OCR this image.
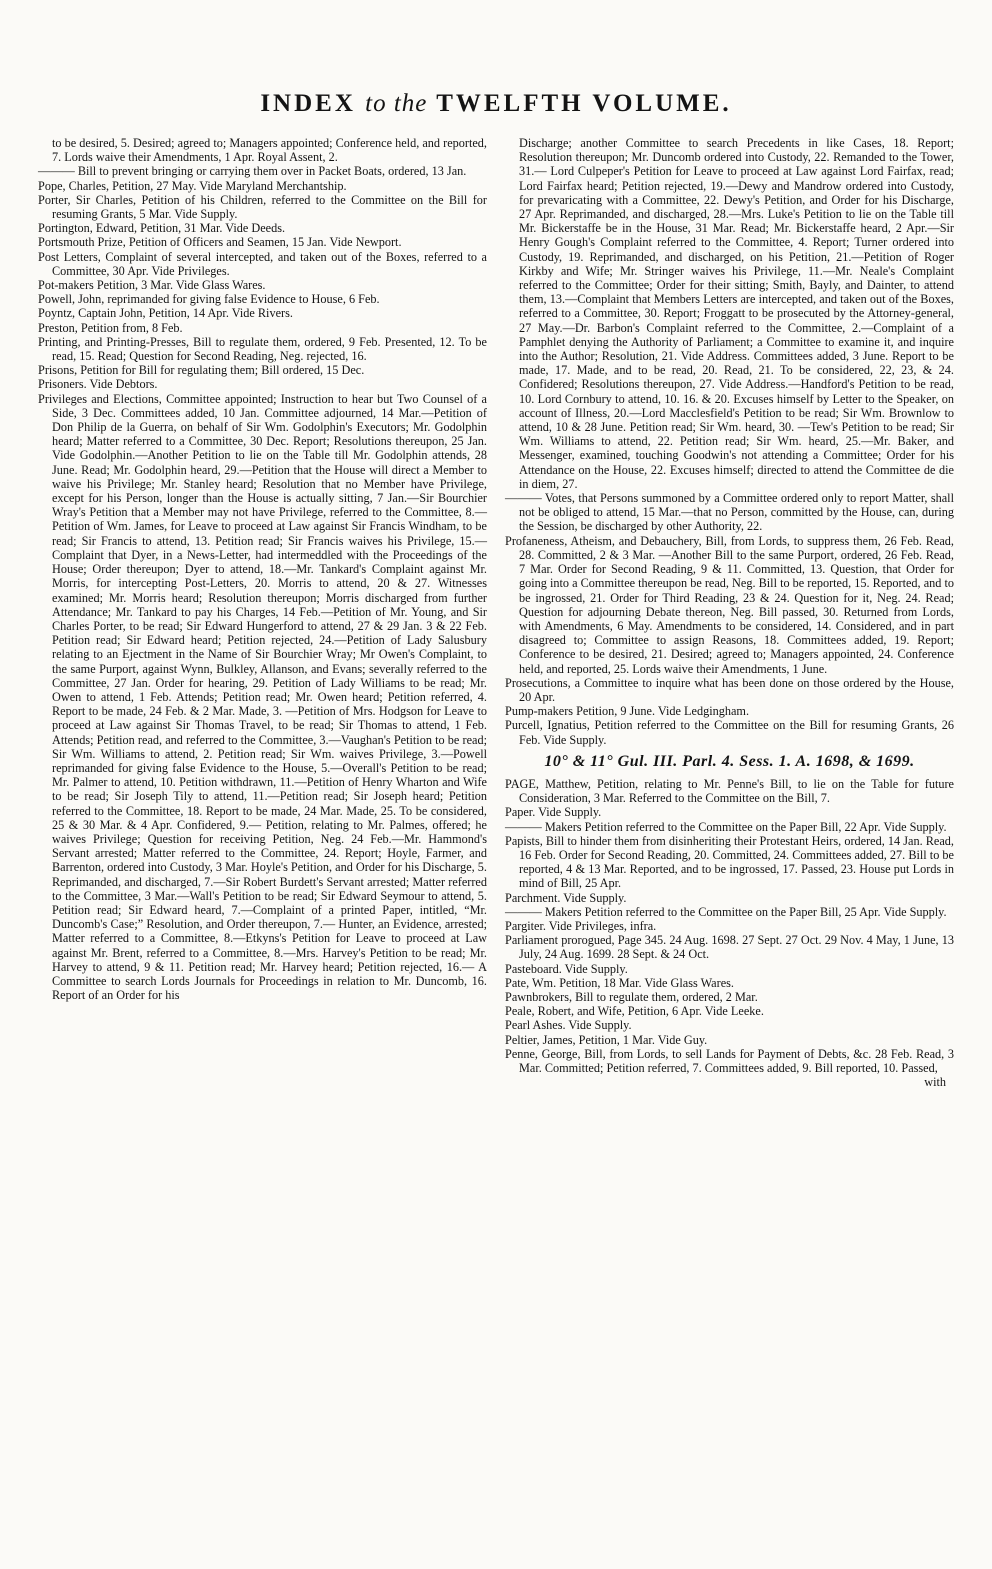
INDEX to the TWELFTH VOLUME.

to be desired, 5. Desired; agreed to; Managers appointed; Conference held, and reported, 7. Lords waive their Amendments, 1 Apr. Royal Assent, 2.

——— Bill to prevent bringing or carrying them over in Packet Boats, ordered, 13 Jan.

Pope, Charles, Petition, 27 May. Vide Maryland Merchantship.

Porter, Sir Charles, Petition of his Children, referred to the Committee on the Bill for resuming Grants, 5 Mar. Vide Supply.

Portington, Edward, Petition, 31 Mar. Vide Deeds.

Portsmouth Prize, Petition of Officers and Seamen, 15 Jan. Vide Newport.

Post Letters, Complaint of several intercepted, and taken out of the Boxes, referred to a Committee, 30 Apr. Vide Privileges.

Pot-makers Petition, 3 Mar. Vide Glass Wares.

Powell, John, reprimanded for giving false Evidence to House, 6 Feb.

Poyntz, Captain John, Petition, 14 Apr. Vide Rivers.

Preston, Petition from, 8 Feb.

Printing, and Printing-Presses, Bill to regulate them, ordered, 9 Feb. Presented, 12. To be read, 15. Read; Question for Second Reading, Neg. rejected, 16.

Prisons, Petition for Bill for regulating them; Bill ordered, 15 Dec.

Prisoners. Vide Debtors.

Privileges and Elections, Committee appointed; Instruction to hear but Two Counsel of a Side, 3 Dec. Committees added, 10 Jan. Committee adjourned, 14 Mar.—Petition of Don Philip de la Guerra, on behalf of Sir Wm. Godolphin's Executors; Mr. Godolphin heard; Matter referred to a Committee, 30 Dec. Report; Resolutions thereupon, 25 Jan. Vide Godolphin.—Another Petition to lie on the Table till Mr. Godolphin attends, 28 June. Read; Mr. Godolphin heard, 29.—Petition that the House will direct a Member to waive his Privilege; Mr. Stanley heard; Resolution that no Member have Privilege, except for his Person, longer than the House is actually sitting, 7 Jan.—Sir Bourchier Wray's Petition that a Member may not have Privilege, referred to the Committee, 8.—Petition of Wm. James, for Leave to proceed at Law against Sir Francis Windham, to be read; Sir Francis to attend, 13. Petition read; Sir Francis waives his Privilege, 15.—Complaint that Dyer, in a News-Letter, had intermeddled with the Proceedings of the House; Order thereupon; Dyer to attend, 18.—Mr. Tankard's Complaint against Mr. Morris, for intercepting Post-Letters, 20. Morris to attend, 20 & 27. Witnesses examined; Mr. Morris heard; Resolution thereupon; Morris discharged from further Attendance; Mr. Tankard to pay his Charges, 14 Feb.—Petition of Mr. Young, and Sir Charles Porter, to be read; Sir Edward Hungerford to attend, 27 & 29 Jan. 3 & 22 Feb. Petition read; Sir Edward heard; Petition rejected, 24.—Petition of Lady Salusbury relating to an Ejectment in the Name of Sir Bourchier Wray; Mr Owen's Complaint, to the same Purport, against Wynn, Bulkley, Allanson, and Evans; severally referred to the Committee, 27 Jan. Order for hearing, 29. Petition of Lady Williams to be read; Mr. Owen to attend, 1 Feb. Attends; Petition read; Mr. Owen heard; Petition referred, 4. Report to be made, 24 Feb. & 2 Mar. Made, 3. —Petition of Mrs. Hodgson for Leave to proceed at Law against Sir Thomas Travel, to be read; Sir Thomas to attend, 1 Feb. Attends; Petition read, and referred to the Committee, 3.—Vaughan's Petition to be read; Sir Wm. Williams to attend, 2. Petition read; Sir Wm. waives Privilege, 3.—Powell reprimanded for giving false Evidence to the House, 5.—Overall's Petition to be read; Mr. Palmer to attend, 10. Petition withdrawn, 11.—Petition of Henry Wharton and Wife to be read; Sir Joseph Tily to attend, 11.—Petition read; Sir Joseph heard; Petition referred to the Committee, 18. Report to be made, 24 Mar. Made, 25. To be considered, 25 & 30 Mar. & 4 Apr. Confidered, 9.— Petition, relating to Mr. Palmes, offered; he waives Privilege; Question for receiving Petition, Neg. 24 Feb.—Mr. Hammond's Servant arrested; Matter referred to the Committee, 24. Report; Hoyle, Farmer, and Barrenton, ordered into Custody, 3 Mar. Hoyle's Petition, and Order for his Discharge, 5. Reprimanded, and discharged, 7.—Sir Robert Burdett's Servant arrested; Matter referred to the Committee, 3 Mar.—Wall's Petition to be read; Sir Edward Seymour to attend, 5. Petition read; Sir Edward heard, 7.—Complaint of a printed Paper, intitled, “Mr. Duncomb's Case;” Resolution, and Order thereupon, 7.— Hunter, an Evidence, arrested; Matter referred to a Committee, 8.—Etkyns's Petition for Leave to proceed at Law against Mr. Brent, referred to a Committee, 8.—Mrs. Harvey's Petition to be read; Mr. Harvey to attend, 9 & 11. Petition read; Mr. Harvey heard; Petition rejected, 16.— A Committee to search Lords Journals for Proceedings in relation to Mr. Duncomb, 16. Report of an Order for his

Discharge; another Committee to search Precedents in like Cases, 18. Report; Resolution thereupon; Mr. Duncomb ordered into Custody, 22. Remanded to the Tower, 31.— Lord Culpeper's Petition for Leave to proceed at Law against Lord Fairfax, read; Lord Fairfax heard; Petition rejected, 19.—Dewy and Mandrow ordered into Custody, for prevaricating with a Committee, 22. Dewy's Petition, and Order for his Discharge, 27 Apr. Reprimanded, and discharged, 28.—Mrs. Luke's Petition to lie on the Table till Mr. Bickerstaffe be in the House, 31 Mar. Read; Mr. Bickerstaffe heard, 2 Apr.—Sir Henry Gough's Complaint referred to the Committee, 4. Report; Turner ordered into Custody, 19. Reprimanded, and discharged, on his Petition, 21.—Petition of Roger Kirkby and Wife; Mr. Stringer waives his Privilege, 11.—Mr. Neale's Complaint referred to the Committee; Order for their sitting; Smith, Bayly, and Dainter, to attend them, 13.—Complaint that Members Letters are intercepted, and taken out of the Boxes, referred to a Committee, 30. Report; Froggatt to be prosecuted by the Attorney-general, 27 May.—Dr. Barbon's Complaint referred to the Committee, 2.—Complaint of a Pamphlet denying the Authority of Parliament; a Committee to examine it, and inquire into the Author; Resolution, 21. Vide Address. Committees added, 3 June. Report to be made, 17. Made, and to be read, 20. Read, 21. To be considered, 22, 23, & 24. Confidered; Resolutions thereupon, 27. Vide Address.—Handford's Petition to be read, 10. Lord Cornbury to attend, 10. 16. & 20. Excuses himself by Letter to the Speaker, on account of Illness, 20.—Lord Macclesfield's Petition to be read; Sir Wm. Brownlow to attend, 10 & 28 June. Petition read; Sir Wm. heard, 30. —Tew's Petition to be read; Sir Wm. Williams to attend, 22. Petition read; Sir Wm. heard, 25.—Mr. Baker, and Messenger, examined, touching Goodwin's not attending a Committee; Order for his Attendance on the House, 22. Excuses himself; directed to attend the Committee de die in diem, 27.

——— Votes, that Persons summoned by a Committee ordered only to report Matter, shall not be obliged to attend, 15 Mar.—that no Person, committed by the House, can, during the Session, be discharged by other Authority, 22.

Profaneness, Atheism, and Debauchery, Bill, from Lords, to suppress them, 26 Feb. Read, 28. Committed, 2 & 3 Mar. —Another Bill to the same Purport, ordered, 26 Feb. Read, 7 Mar. Order for Second Reading, 9 & 11. Committed, 13. Question, that Order for going into a Committee thereupon be read, Neg. Bill to be reported, 15. Reported, and to be ingrossed, 21. Order for Third Reading, 23 & 24. Question for it, Neg. 24. Read; Question for adjourning Debate thereon, Neg. Bill passed, 30. Returned from Lords, with Amendments, 6 May. Amendments to be considered, 14. Considered, and in part disagreed to; Committee to assign Reasons, 18. Committees added, 19. Report; Conference to be desired, 21. Desired; agreed to; Managers appointed, 24. Conference held, and reported, 25. Lords waive their Amendments, 1 June.

Prosecutions, a Committee to inquire what has been done on those ordered by the House, 20 Apr.

Pump-makers Petition, 9 June. Vide Ledgingham.

Purcell, Ignatius, Petition referred to the Committee on the Bill for resuming Grants, 26 Feb. Vide Supply.

10° & 11° Gul. III. Parl. 4. Sess. 1. A. 1698, & 1699.

PAGE, Matthew, Petition, relating to Mr. Penne's Bill, to lie on the Table for future Consideration, 3 Mar. Referred to the Committee on the Bill, 7.

Paper. Vide Supply.

——— Makers Petition referred to the Committee on the Paper Bill, 22 Apr. Vide Supply.

Papists, Bill to hinder them from disinheriting their Protestant Heirs, ordered, 14 Jan. Read, 16 Feb. Order for Second Reading, 20. Committed, 24. Committees added, 27. Bill to be reported, 4 & 13 Mar. Reported, and to be ingrossed, 17. Passed, 23. House put Lords in mind of Bill, 25 Apr.

Parchment. Vide Supply.

——— Makers Petition referred to the Committee on the Paper Bill, 25 Apr. Vide Supply.

Pargiter. Vide Privileges, infra.

Parliament prorogued, Page 345. 24 Aug. 1698. 27 Sept. 27 Oct. 29 Nov. 4 May, 1 June, 13 July, 24 Aug. 1699. 28 Sept. & 24 Oct.

Pasteboard. Vide Supply.

Pate, Wm. Petition, 18 Mar. Vide Glass Wares.

Pawnbrokers, Bill to regulate them, ordered, 2 Mar.

Peale, Robert, and Wife, Petition, 6 Apr. Vide Leeke.

Pearl Ashes. Vide Supply.

Peltier, James, Petition, 1 Mar. Vide Guy.

Penne, George, Bill, from Lords, to sell Lands for Payment of Debts, &c. 28 Feb. Read, 3 Mar. Committed; Petition referred, 7. Committees added, 9. Bill reported, 10. Passed,

with
